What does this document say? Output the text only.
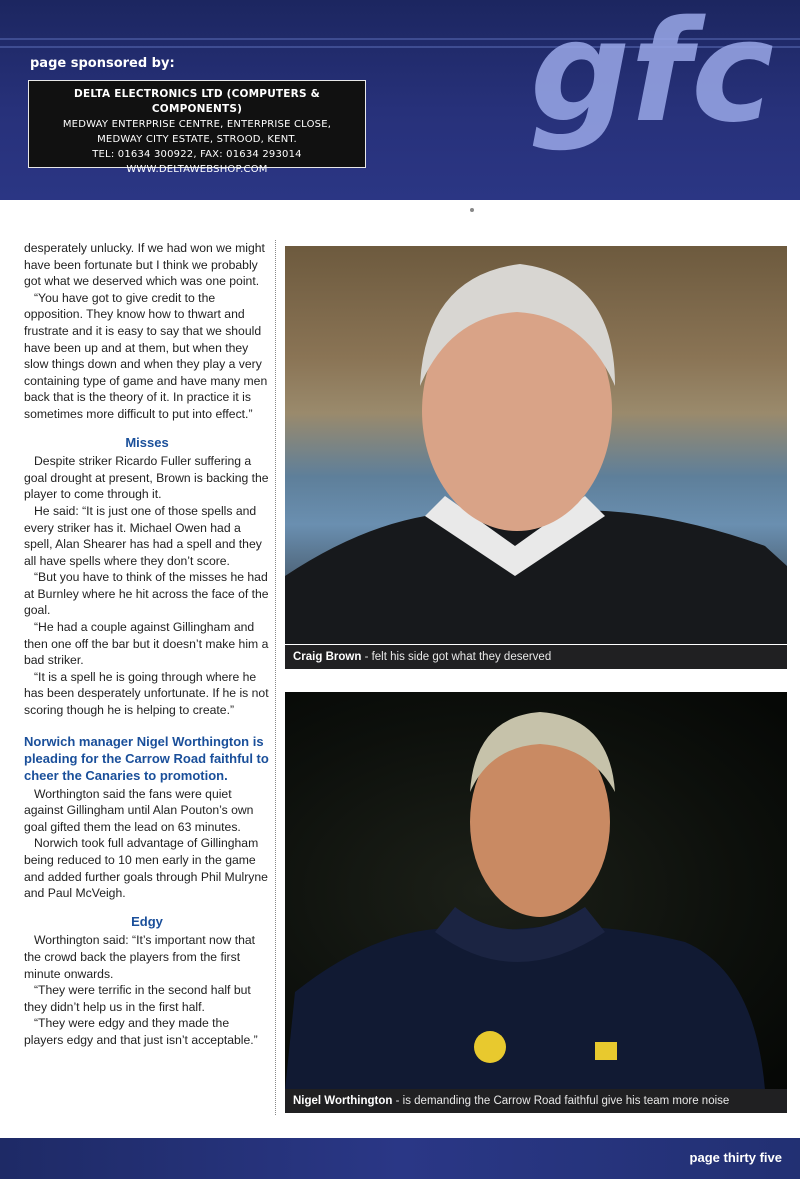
page sponsored by:
DELTA ELECTRONICS LTD (COMPUTERS & COMPONENTS)
MEDWAY ENTERPRISE CENTRE, ENTERPRISE CLOSE,
MEDWAY CITY ESTATE, STROOD, KENT.
TEL: 01634 300922, FAX: 01634 293014
WWW.DELTAWEBSHOP.COM
gfc

desperately unlucky. If we had won we might have been fortunate but I think we probably got what we deserved which was one point.

“You have got to give credit to the opposition. They know how to thwart and frustrate and it is easy to say that we should have been up and at them, but when they slow things down and when they play a very containing type of game and have many men back that is the theory of it. In practice it is sometimes more difficult to put into effect.”

Misses

Despite striker Ricardo Fuller suffering a goal drought at present, Brown is backing the player to come through it.

He said: “It is just one of those spells and every striker has it. Michael Owen had a spell, Alan Shearer has had a spell and they all have spells where they don’t score.

“But you have to think of the misses he had at Burnley where he hit across the face of the goal.

“He had a couple against Gillingham and then one off the bar but it doesn’t make him a bad striker.

“It is a spell he is going through where he has been desperately unfortunate. If he is not scoring though he is helping to create.”

Norwich manager Nigel Worthington is pleading for the Carrow Road faithful to cheer the Canaries to promotion.

Worthington said the fans were quiet against Gillingham until Alan Pouton’s own goal gifted them the lead on 63 minutes.

Norwich took full advantage of Gillingham being reduced to 10 men early in the game and added further goals through Phil Mulryne and Paul McVeigh.

Edgy

Worthington said: “It’s important now that the crowd back the players from the first minute onwards.

“They were terrific in the second half but they didn’t help us in the first half.

“They were edgy and they made the players edgy and that just isn’t acceptable.”

Craig Brown - felt his side got what they deserved
Nigel Worthington - is demanding the Carrow Road faithful give his team more noise
page thirty five
